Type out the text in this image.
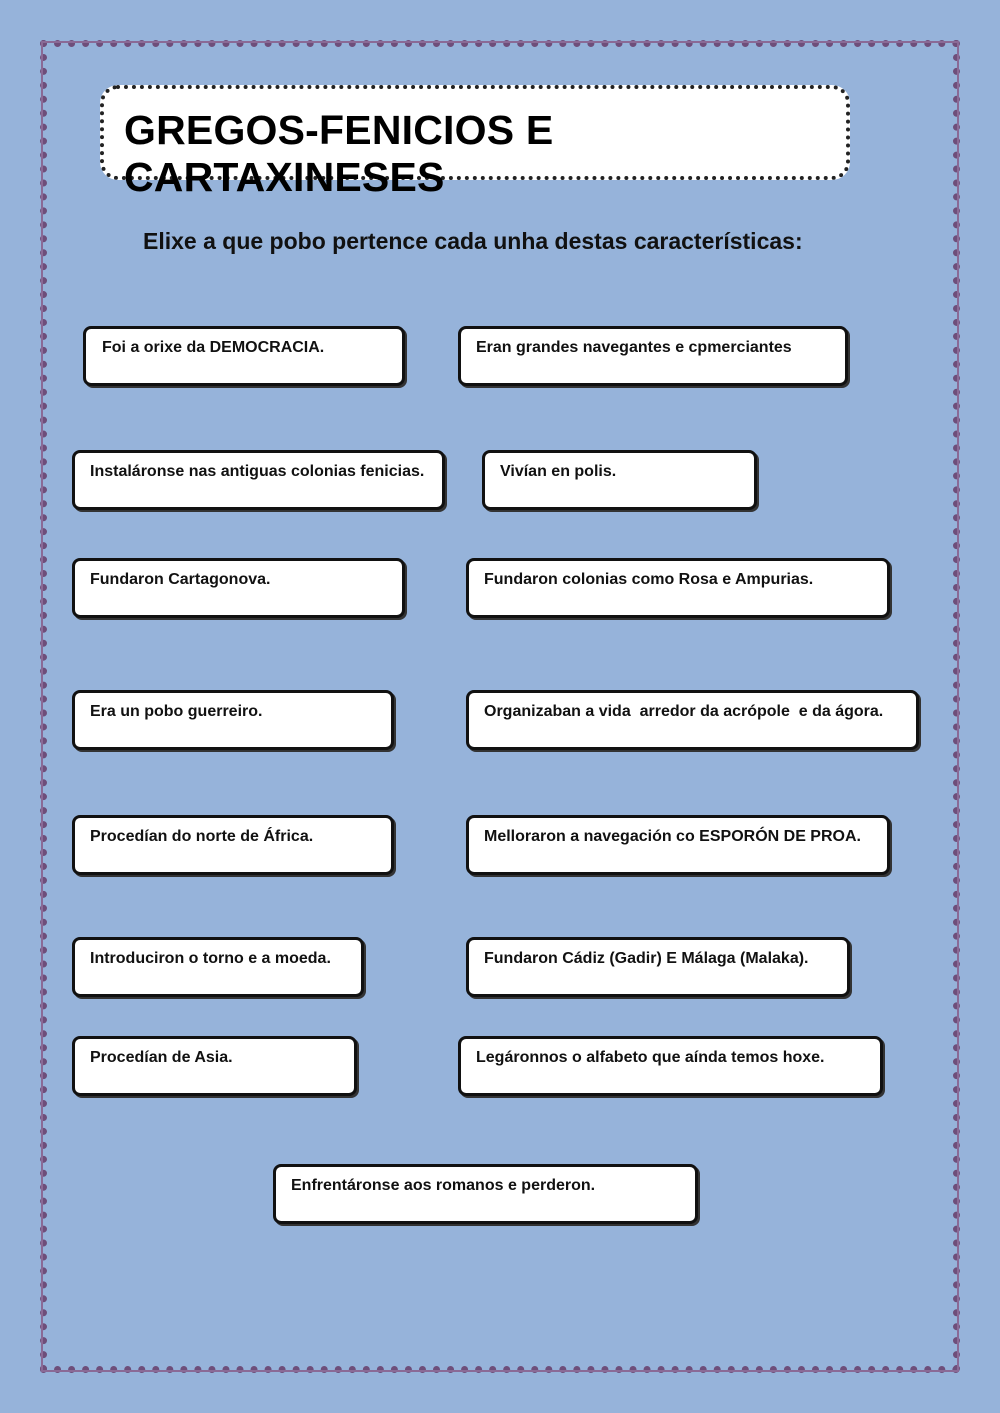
GREGOS-FENICIOS E CARTAXINESES
Elixe a que pobo pertence cada unha destas características:
Foi a orixe da DEMOCRACIA.	Eran grandes navegantes e cpmerciantes
Instaláronse nas antiguas colonias fenicias.	Vivían en polis.
Fundaron Cartagonova.	Fundaron colonias como Rosa e Ampurias.
Era un pobo guerreiro.	Organizaban a vida  arredor da acrópole  e da ágora.
Procedían do norte de África.	Melloraron a navegación co ESPORÓN DE PROA.
Introduciron o torno e a moeda.	Fundaron Cádiz (Gadir) E Málaga (Malaka).
Procedían de Asia.	Legáronnos o alfabeto que aínda temos hoxe.
Enfrentáronse aos romanos e perderon.
